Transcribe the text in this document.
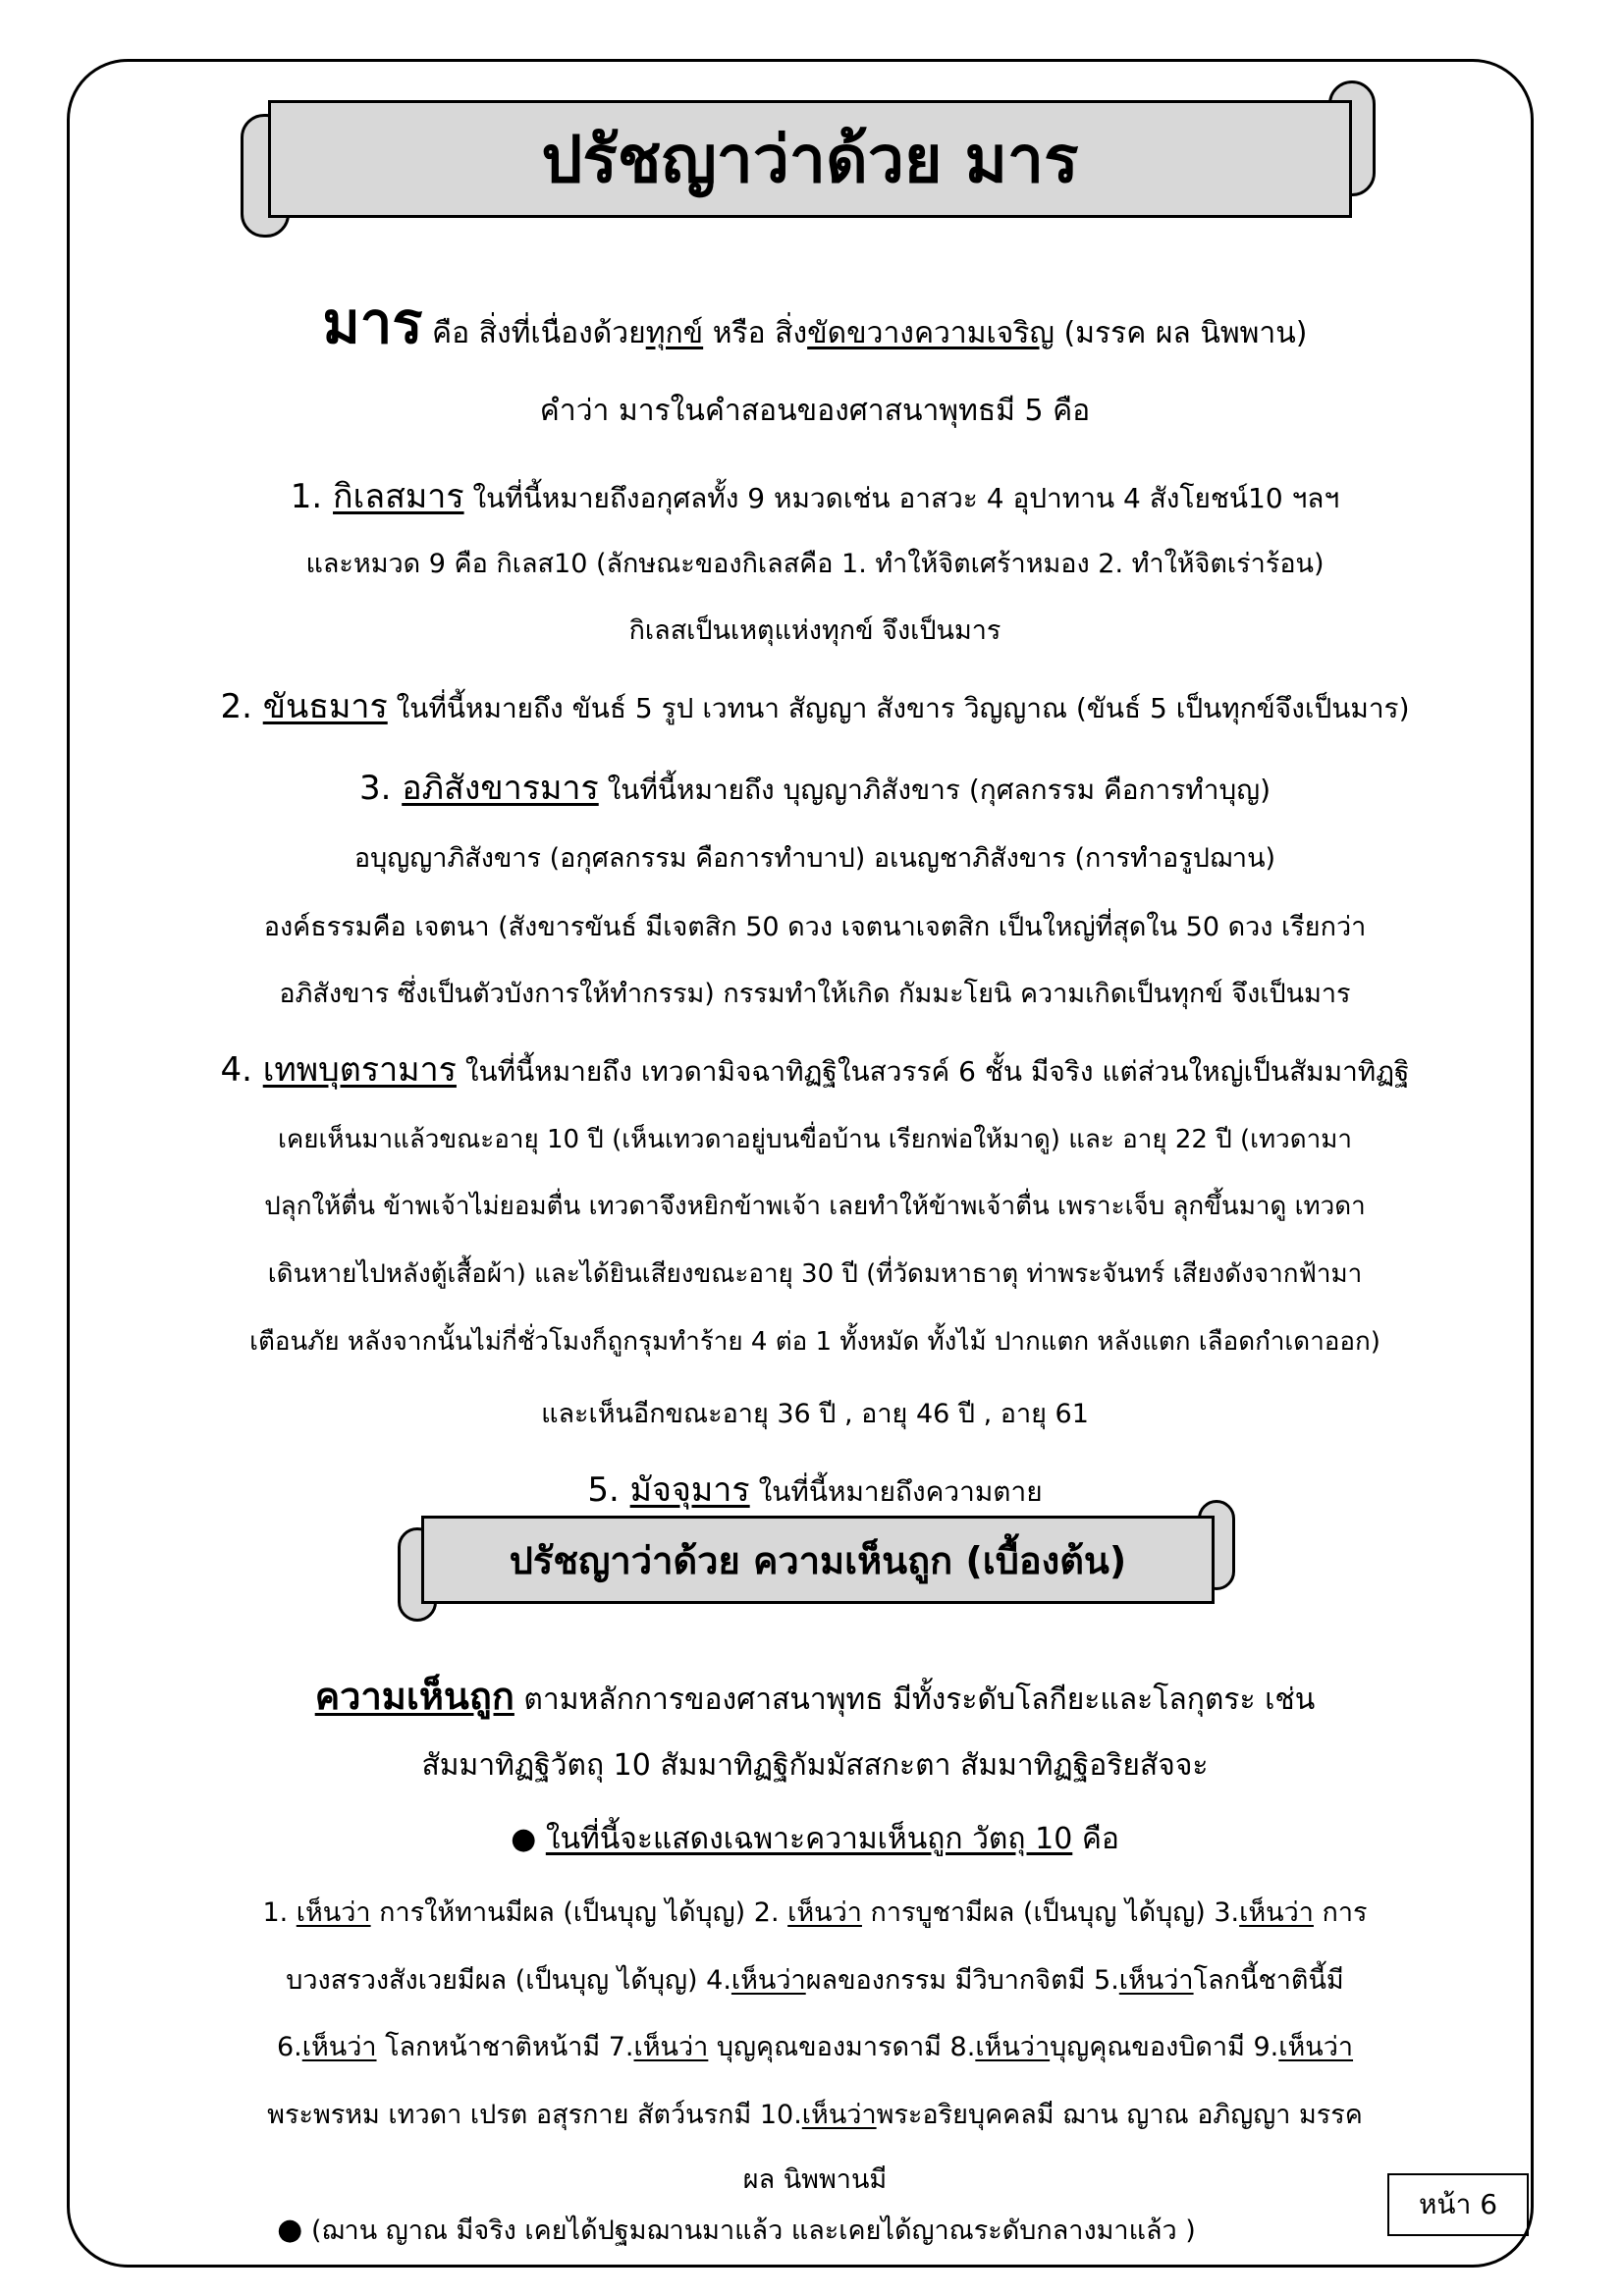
ปรัชญาว่าด้วย มาร
มาร คือ สิ่งที่เนื่องด้วยทุกข์ หรือ สิ่งขัดขวางความเจริญ (มรรค ผล นิพพาน)
คำว่า มารในคำสอนของศาสนาพุทธมี 5 คือ
1. กิเลสมาร ในที่นี้หมายถึงอกุศลทั้ง 9 หมวดเช่น อาสวะ 4 อุปาทาน 4 สังโยชน์10 ฯลฯ
และหมวด 9 คือ กิเลส10 (ลักษณะของกิเลสคือ 1. ทำให้จิตเศร้าหมอง 2. ทำให้จิตเร่าร้อน)
กิเลสเป็นเหตุแห่งทุกข์ จึงเป็นมาร
2. ขันธมาร ในที่นี้หมายถึง ขันธ์ 5 รูป เวทนา สัญญา สังขาร วิญญาณ (ขันธ์ 5 เป็นทุกข์จึงเป็นมาร)
3. อภิสังขารมาร ในที่นี้หมายถึง บุญญาภิสังขาร (กุศลกรรม คือการทำบุญ)
อบุญญาภิสังขาร (อกุศลกรรม คือการทำบาป) อเนญชาภิสังขาร (การทำอรูปฌาน)
องค์ธรรมคือ เจตนา (สังขารขันธ์ มีเจตสิก 50 ดวง เจตนาเจตสิก เป็นใหญ่ที่สุดใน 50 ดวง เรียกว่า
อภิสังขาร ซึ่งเป็นตัวบังการให้ทำกรรม) กรรมทำให้เกิด กัมมะโยนิ ความเกิดเป็นทุกข์ จึงเป็นมาร
4. เทพบุตรามาร ในที่นี้หมายถึง เทวดามิจฉาทิฏฐิในสวรรค์ 6 ชั้น มีจริง แต่ส่วนใหญ่เป็นสัมมาทิฏฐิ
เคยเห็นมาแล้วขณะอายุ 10 ปี (เห็นเทวดาอยู่บนขื่อบ้าน เรียกพ่อให้มาดู) และ อายุ 22 ปี (เทวดามา
ปลุกให้ตื่น ข้าพเจ้าไม่ยอมตื่น เทวดาจึงหยิกข้าพเจ้า เลยทำให้ข้าพเจ้าตื่น เพราะเจ็บ ลุกขึ้นมาดู เทวดา
เดินหายไปหลังตู้เสื้อผ้า) และได้ยินเสียงขณะอายุ 30 ปี (ที่วัดมหาธาตุ ท่าพระจันทร์ เสียงดังจากฟ้ามา
เตือนภัย หลังจากนั้นไม่กี่ชั่วโมงก็ถูกรุมทำร้าย 4 ต่อ 1 ทั้งหมัด ทั้งไม้ ปากแตก หลังแตก เลือดกำเดาออก)
และเห็นอีกขณะอายุ 36 ปี , อายุ 46 ปี , อายุ 61
5. มัจจุมาร ในที่นี้หมายถึงความตาย
ปรัชญาว่าด้วย ความเห็นถูก (เบื้องต้น)
ความเห็นถูก ตามหลักการของศาสนาพุทธ มีทั้งระดับโลกียะและโลกุตระ เช่น
สัมมาทิฏฐิวัตถุ 10 สัมมาทิฏฐิกัมมัสสกะตา สัมมาทิฏฐิอริยสัจจะ
● ในที่นี้จะแสดงเฉพาะความเห็นถูก วัตถุ 10 คือ
1. เห็นว่า การให้ทานมีผล (เป็นบุญ ได้บุญ) 2. เห็นว่า การบูชามีผล (เป็นบุญ ได้บุญ) 3.เห็นว่า การ
บวงสรวงสังเวยมีผล (เป็นบุญ ได้บุญ) 4.เห็นว่าผลของกรรม มีวิบากจิตมี 5.เห็นว่าโลกนี้ชาตินี้มี
6.เห็นว่า โลกหน้าชาติหน้ามี 7.เห็นว่า บุญคุณของมารดามี 8.เห็นว่าบุญคุณของบิดามี 9.เห็นว่า
พระพรหม เทวดา เปรต อสุรกาย สัตว์นรกมี 10.เห็นว่าพระอริยบุคคลมี ฌาน ญาณ อภิญญา มรรค
ผล นิพพานมี
● (ฌาน ญาณ มีจริง เคยได้ปฐมฌานมาแล้ว และเคยได้ญาณระดับกลางมาแล้ว )
หน้า 6
